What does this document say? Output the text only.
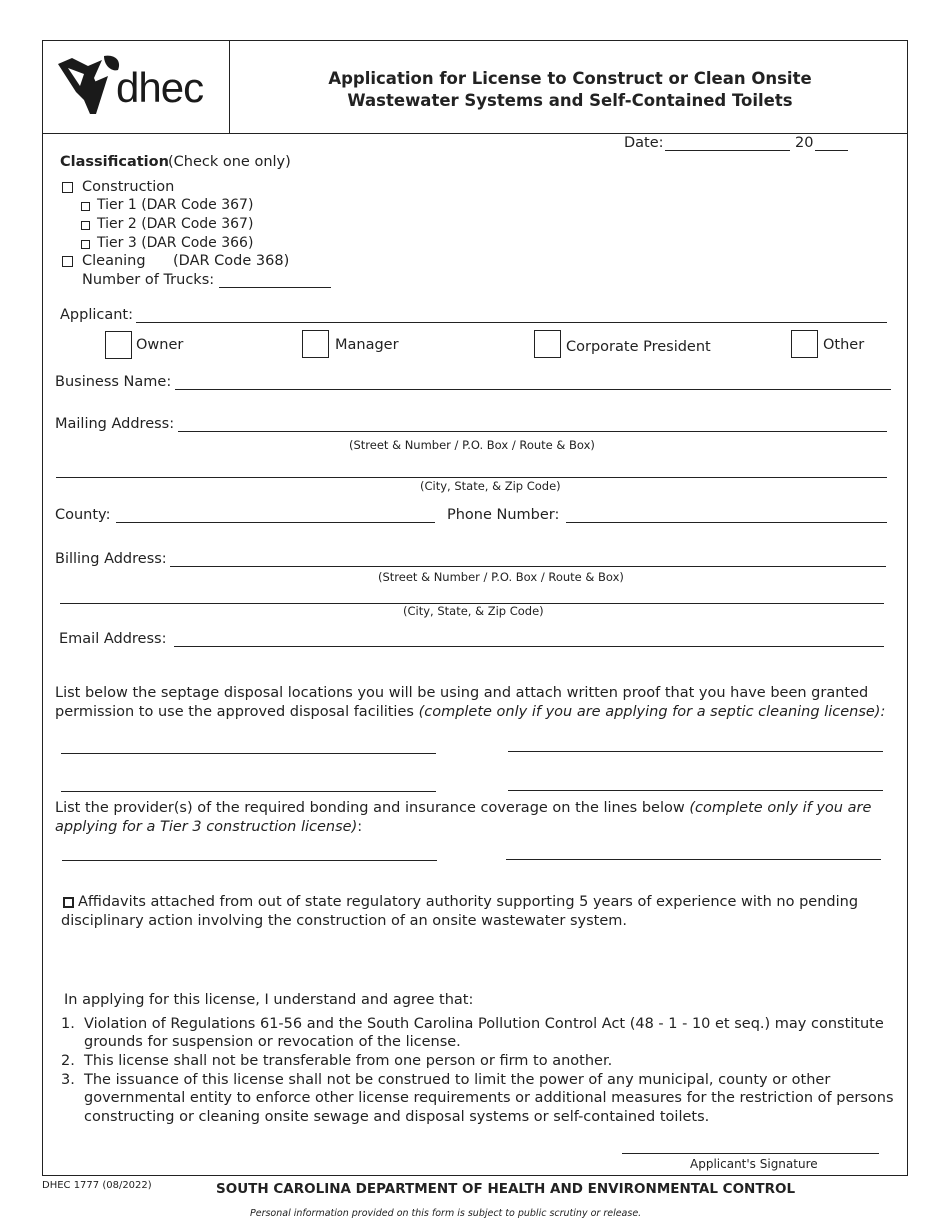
dhec	Application for License to Construct or Clean Onsite
Wastewater Systems and Self-Contained Toilets
Date:	20
Classification (Check one only)
Construction
Tier 1 (DAR Code 367)
Tier 2 (DAR Code 367)
Tier 3 (DAR Code 366)
Cleaning (DAR Code 368)
Number of Trucks:
Applicant:
Owner	Manager	Corporate President	Other
Business Name:
Mailing Address:
(Street & Number / P.O. Box / Route & Box)
(City, State, & Zip Code)
County:	Phone Number:
Billing Address:
(Street & Number / P.O. Box / Route & Box)
(City, State, & Zip Code)
Email Address:
List below the septage disposal locations you will be using and attach written proof that you have been granted
permission to use the approved disposal facilities (complete only if you are applying for a septic cleaning license):
List the provider(s) of the required bonding and insurance coverage on the lines below (complete only if you are
applying for a Tier 3 construction license):
Affidavits attached from out of state regulatory authority supporting 5 years of experience with no pending
disciplinary action involving the construction of an onsite wastewater system.
In applying for this license, I understand and agree that:
1. Violation of Regulations 61-56 and the South Carolina Pollution Control Act (48 - 1 - 10 et seq.) may constitute
grounds for suspension or revocation of the license.
2. This license shall not be transferable from one person or firm to another.
3. The issuance of this license shall not be construed to limit the power of any municipal, county or other
governmental entity to enforce other license requirements or additional measures for the restriction of persons
constructing or cleaning onsite sewage and disposal systems or self-contained toilets.
Applicant's Signature
DHEC 1777 (08/2022)	SOUTH CAROLINA DEPARTMENT OF HEALTH AND ENVIRONMENTAL CONTROL
Personal information provided on this form is subject to public scrutiny or release.
